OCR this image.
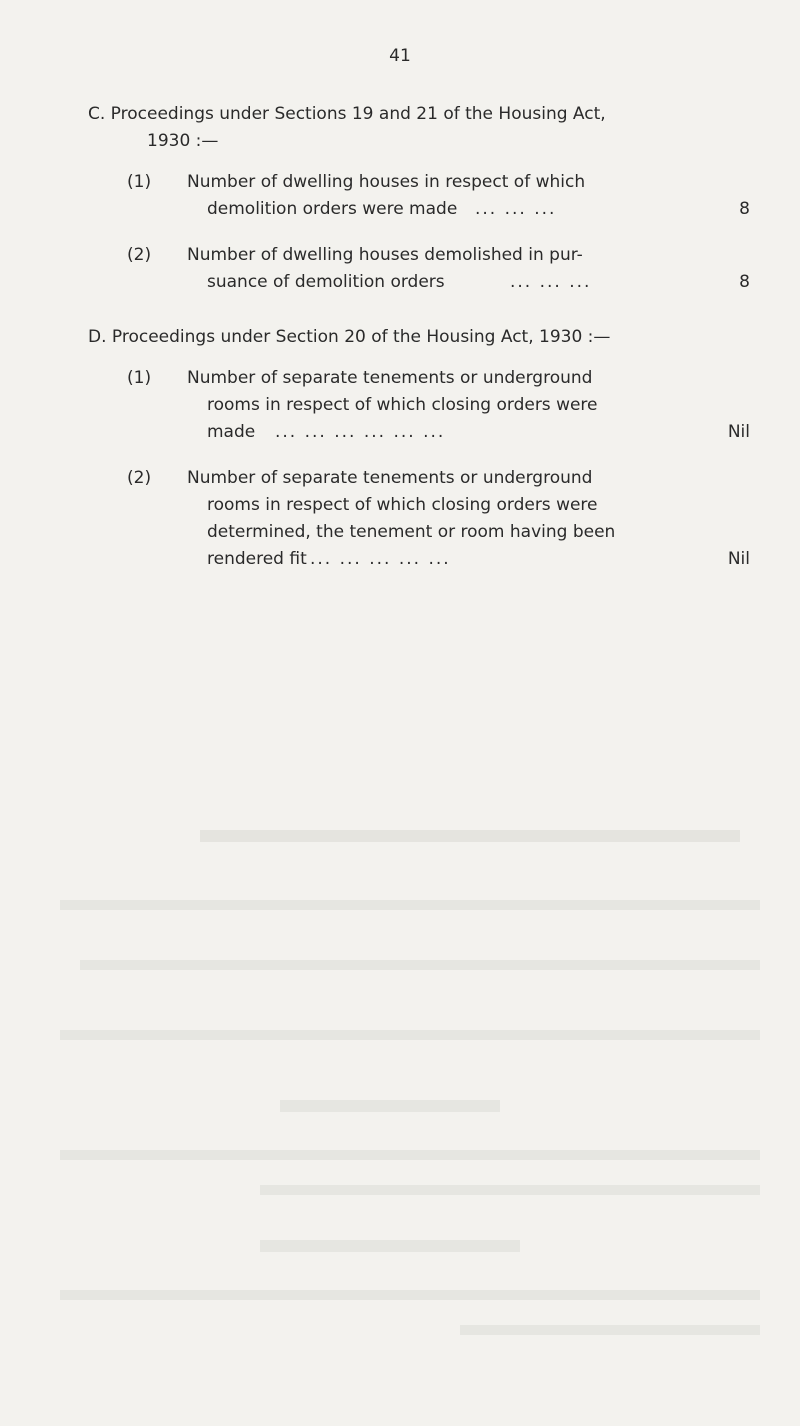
41
C. Proceedings under Sections 19 and 21 of the Housing Act,
1930 :—
(1) Number of dwelling houses in respect of which
demolition orders were made ... ... ...	8
(2) Number of dwelling houses demolished in pur-
suance of demolition orders	... ... ...	8
D. Proceedings under Section 20 of the Housing Act, 1930 :—
(1) Number of separate tenements or underground
rooms in respect of which closing orders were
made ... ... ... ... ... ...	Nil
(2) Number of separate tenements or underground
rooms in respect of which closing orders were
determined, the tenement or room having been
rendered fit ... ... ... ... ...	Nil
